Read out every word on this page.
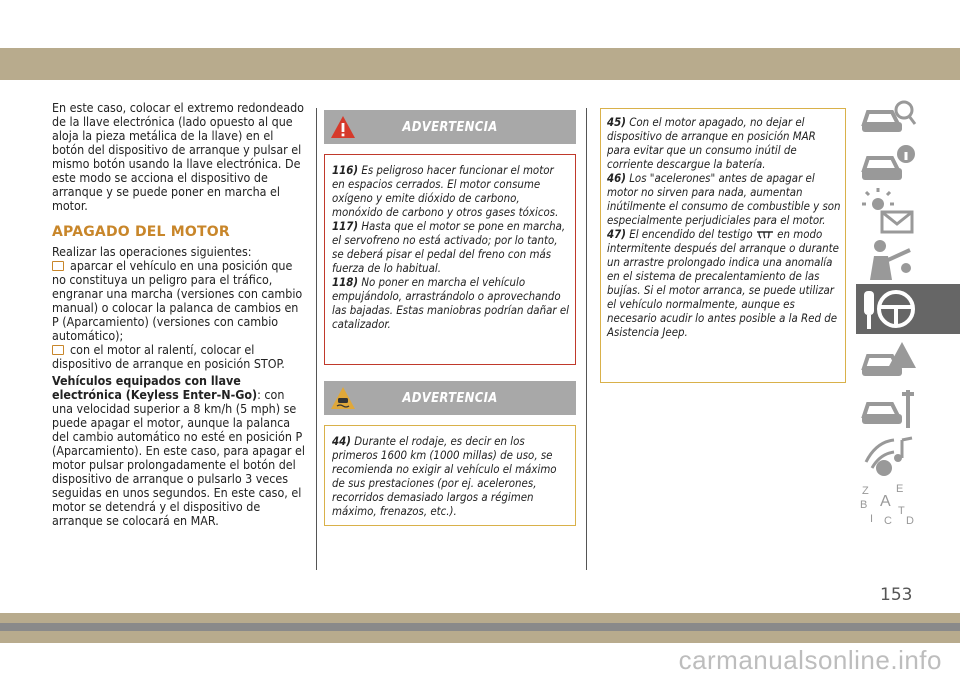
En este caso, colocar el extremo redondeado de la llave electrónica (lado opuesto al que aloja la pieza metálica de la llave) en el botón del dispositivo de arranque y pulsar el mismo botón usando la llave electrónica. De este modo se acciona el dispositivo de arranque y se puede poner en marcha el motor.

APAGADO DEL MOTOR

Realizar las operaciones siguientes:

aparcar el vehículo en una posición que no constituya un peligro para el tráfico, engranar una marcha (versiones con cambio manual) o colocar la palanca de cambios en P (Aparcamiento) (versiones con cambio automático);

con el motor al ralentí, colocar el dispositivo de arranque en posición STOP.

Vehículos equipados con llave electrónica (Keyless Enter-N-Go): con una velocidad superior a 8 km/h (5 mph) se puede apagar el motor, aunque la palanca del cambio automático no esté en posición P (Aparcamiento). En este caso, para apagar el motor pulsar prolongadamente el botón del dispositivo de arranque o pulsarlo 3 veces seguidas en unos segundos. En este caso, el motor se detendrá y el dispositivo de arranque se colocará en MAR.

ADVERTENCIA

116) Es peligroso hacer funcionar el motor en espacios cerrados. El motor consume oxígeno y emite dióxido de carbono, monóxido de carbono y otros gases tóxicos.

117) Hasta que el motor se pone en marcha, el servofreno no está activado; por lo tanto, se deberá pisar el pedal del freno con más fuerza de lo habitual.

118) No poner en marcha el vehículo empujándolo, arrastrándolo o aprovechando las bajadas. Estas maniobras podrían dañar el catalizador.

ADVERTENCIA

44) Durante el rodaje, es decir en los primeros 1600 km (1000 millas) de uso, se recomienda no exigir al vehículo el máximo de sus prestaciones (por ej. acelerones, recorridos demasiado largos a régimen máximo, frenazos, etc.).

45) Con el motor apagado, no dejar el dispositivo de arranque en posición MAR para evitar que un consumo inútil de corriente descargue la batería.

46) Los "acelerones" antes de apagar el motor no sirven para nada, aumentan inútilmente el consumo de combustible y son especialmente perjudiciales para el motor.

47) El encendido del testigo en modo intermitente después del arranque o durante un arrastre prolongado indica una anomalía en el sistema de precalentamiento de las bujías. Si el motor arranca, se puede utilizar el vehículo normalmente, aunque es necesario acudir lo antes posible a la Red de Asistencia Jeep.

Z E
B A
I C
T
D
153
carmanualsonline.info
